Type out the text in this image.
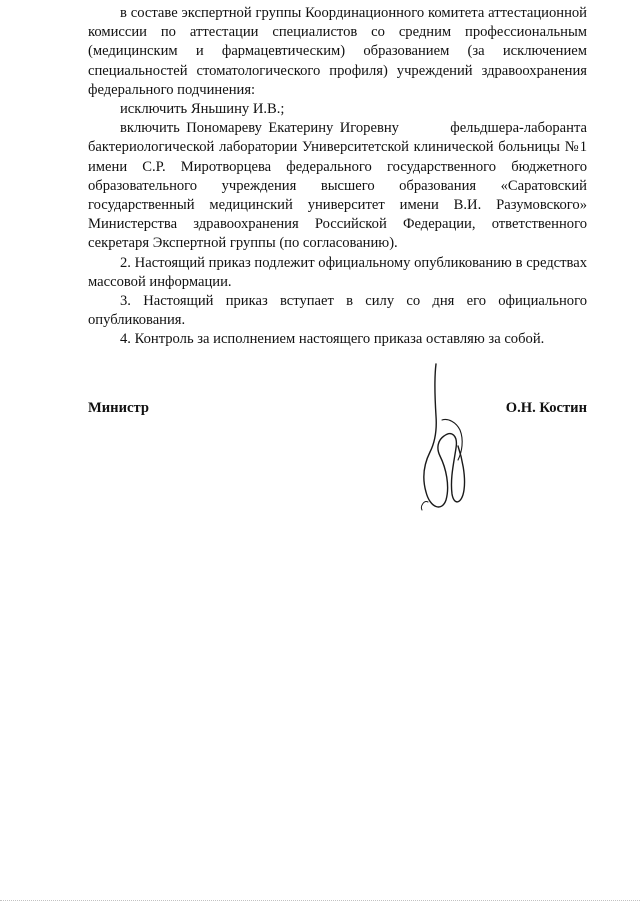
в составе экспертной группы Координационного комитета аттестационной комиссии по аттестации специалистов со средним профессиональным (медицинским и фармацевтическим) образованием (за исключением специальностей стоматологического профиля) учреждений здравоохранения федерального подчинения:

исключить Яньшину И.В.;

включить Пономареву Екатерину Игоревну        фельдшера-лаборанта бактериологической лаборатории Университетской клинической больницы №1 имени С.Р. Миротворцева федерального государственного бюджетного образовательного учреждения высшего образования «Саратовский государственный медицинский университет имени В.И. Разумовского» Министерства здравоохранения Российской Федерации, ответственного секретаря Экспертной группы (по согласованию).

2. Настоящий приказ подлежит официальному опубликованию в средствах массовой информации.

3. Настоящий приказ вступает в силу со дня его официального опубликования.

4. Контроль за исполнением настоящего приказа оставляю за собой.

Министр	О.Н. Костин
